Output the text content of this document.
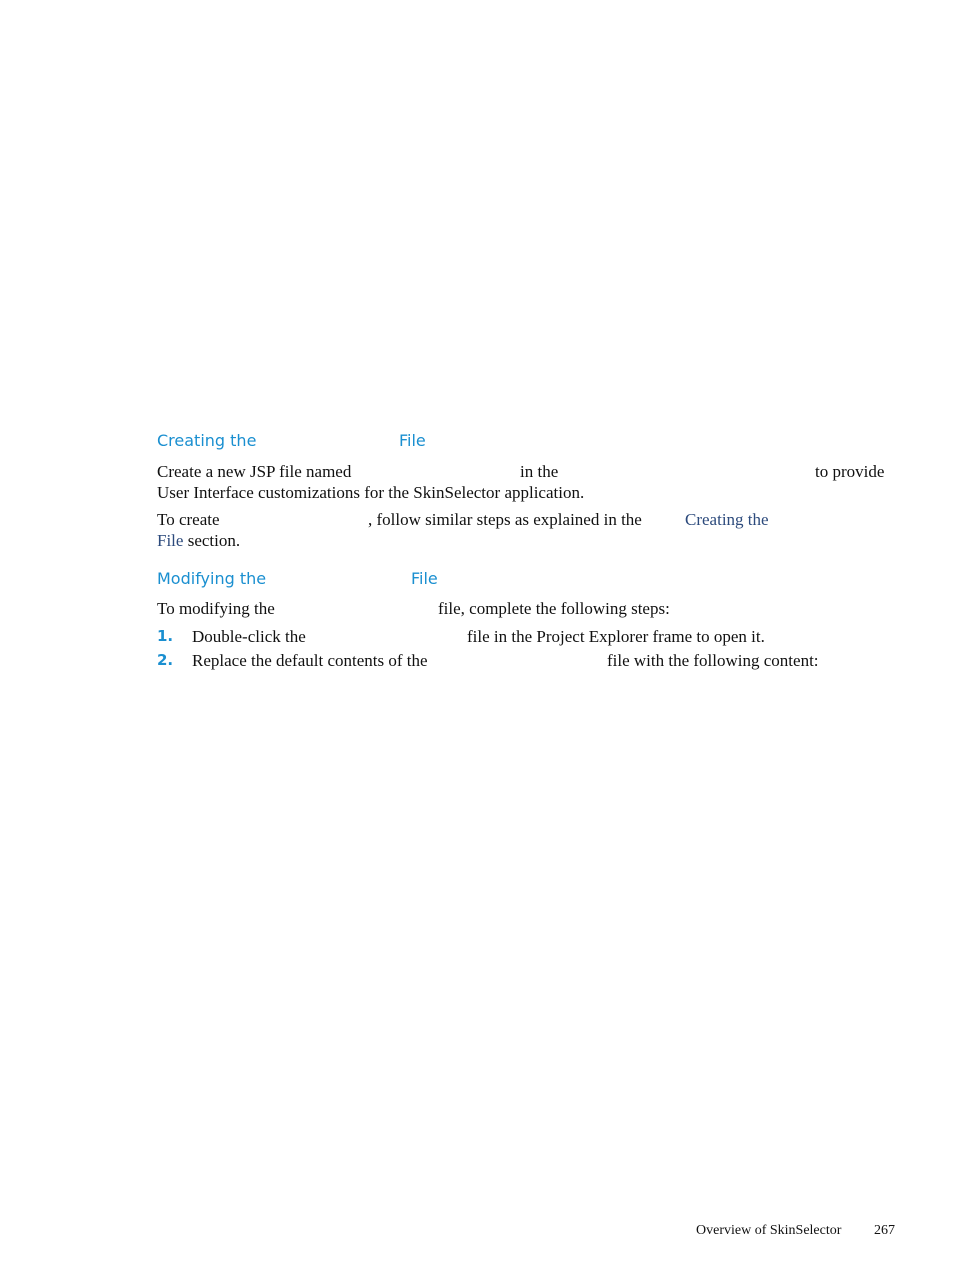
Creating the	File
Create a new JSP file named	in the	to provide
User Interface customizations for the SkinSelector application.
To create	, follow similar steps as explained in the	Creating the
File section.
Modifying the	File
To modifying the	file, complete the following steps:
1. Double-click the	file in the Project Explorer frame to open it.
2. Replace the default contents of the	file with the following content:
Overview of SkinSelector 267
